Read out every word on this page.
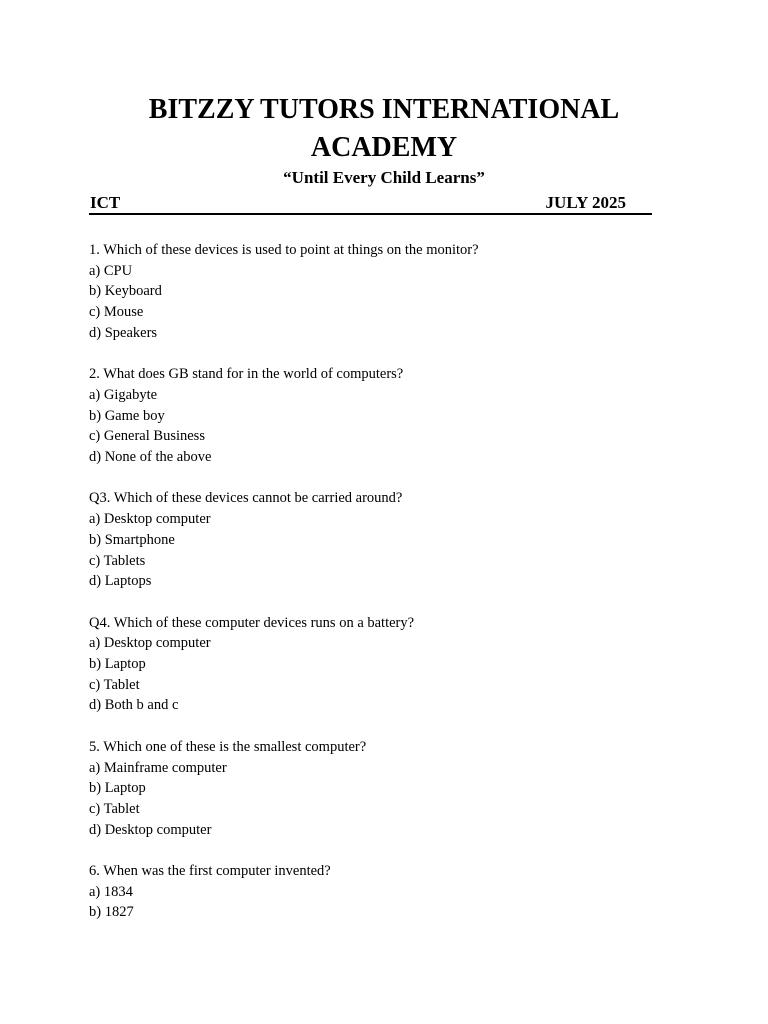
BITZZY TUTORS INTERNATIONAL
ACADEMY

“Until Every Child Learns”

ICT	JULY 2025

1. Which of these devices is used to point at things on the monitor?

a) CPU

b) Keyboard

c) Mouse

d) Speakers

2. What does GB stand for in the world of computers?

a) Gigabyte

b) Game boy

c) General Business

d) None of the above

Q3. Which of these devices cannot be carried around?

a) Desktop computer

b) Smartphone

c) Tablets

d) Laptops

Q4. Which of these computer devices runs on a battery?

a) Desktop computer

b) Laptop

c) Tablet

d) Both b and c

5. Which one of these is the smallest computer?

a) Mainframe computer

b) Laptop

c) Tablet

d) Desktop computer

6. When was the first computer invented?

a) 1834

b) 1827
